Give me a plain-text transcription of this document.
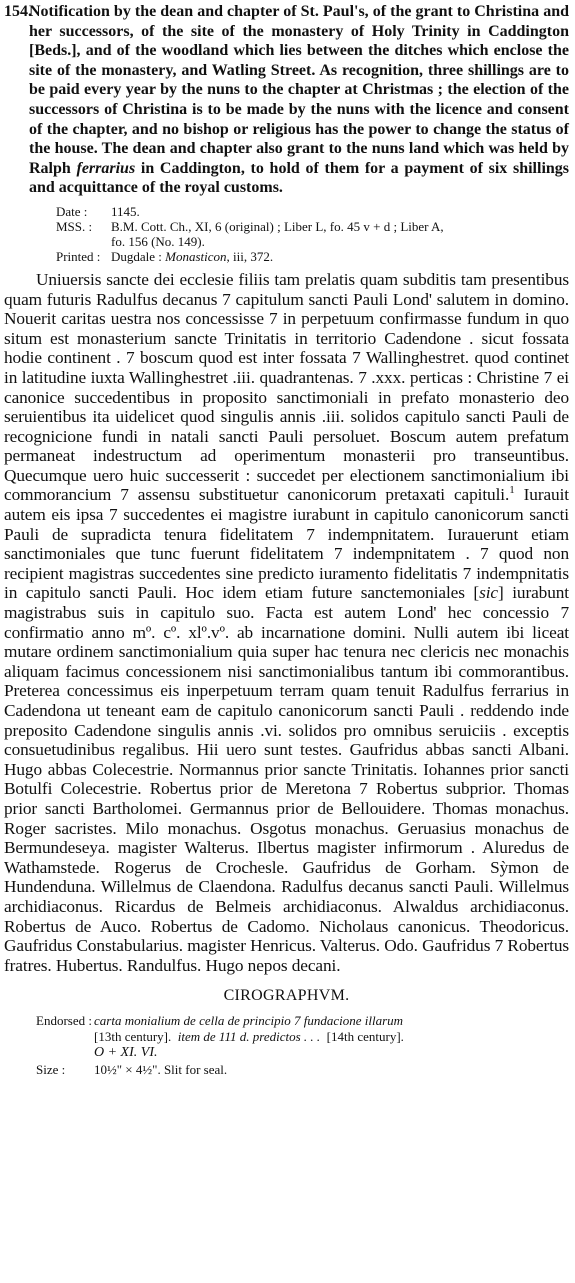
154.
Notification by the dean and chapter of St. Paul's, of the grant to Christina and her successors, of the site of the monastery of Holy Trinity in Caddington [Beds.], and of the woodland which lies between the ditches which enclose the site of the monastery, and Watling Street. As recognition, three shillings are to be paid every year by the nuns to the chapter at Christmas ; the election of the successors of Christina is to be made by the nuns with the licence and consent of the chapter, and no bishop or religious has the power to change the status of the house. The dean and chapter also grant to the nuns land which was held by Ralph ferrarius in Caddington, to hold of them for a payment of six shillings and acquittance of the royal customs.
Date :	1145.
MSS. :	B.M. Cott. Ch., XI, 6 (original) ; Liber L, fo. 45 v + d ; Liber A,
fo. 156 (No. 149).
Printed : Dugdale : Monasticon, iii, 372.
Uniuersis sancte dei ecclesie filiis tam prelatis quam subditis tam presentibus quam futuris Radulfus decanus 7 capitulum sancti Pauli Lond' salutem in domino. Nouerit caritas uestra nos concessisse 7 in perpetuum confirmasse fundum in quo situm est monasterium sancte Trinitatis in territorio Cadendone . sicut fossata hodie continent . 7 boscum quod est inter fossata 7 Wallinghestret. quod continet in latitudine iuxta Wallinghestret .iii. quadrantenas. 7 .xxx. perticas : Christine 7 ei canonice succedentibus in proposito sanctimoniali in prefato monasterio deo seruientibus ita uidelicet quod singulis annis .iii. solidos capitulo sancti Pauli de recognicione fundi in natali sancti Pauli persoluet. Boscum autem prefatum permaneat indestructum ad operimentum monasterii pro transeuntibus. Quecumque uero huic successerit : succedet per electionem sanctimonialium ibi commorancium 7 assensu substituetur canonicorum pretaxati capituli.$^1$ Iurauit autem eis ipsa 7 succedentes ei magistre iurabunt in capitulo canonicorum sancti Pauli de supradicta tenura fidelitatem 7 indempnitatem. Iurauerunt etiam sanctimoniales que tunc fuerunt fidelitatem 7 indempnitatem . 7 quod non recipient magistras succedentes sine predicto iuramento fidelitatis 7 indempnitatis in capitulo sancti Pauli. Hoc idem etiam future sanctemoniales [sic] iurabunt magistrabus suis in capitulo suo. Facta est autem Lond' hec concessio 7 confirmatio anno mº. cº. xlº.vº. ab incarnatione domini. Nulli autem ibi liceat mutare ordinem sanctimonialium quia super hac tenura nec clericis nec monachis aliquam facimus concessionem nisi sanctimonialibus tantum ibi commorantibus. Preterea concessimus eis inperpetuum terram quam tenuit Radulfus ferrarius in Cadendona ut teneant eam de capitulo canonicorum sancti Pauli . reddendo inde preposito Cadendone singulis annis .vi. solidos pro omnibus seruiciis . exceptis consuetudinibus regalibus. Hii uero sunt testes. Gaufridus abbas sancti Albani. Hugo abbas Colecestrie. Normannus prior sancte Trinitatis. Iohannes prior sancti Botulfi Colecestrie. Robertus prior de Meretona 7 Robertus subprior. Thomas prior sancti Bartholomei. Germannus prior de Bellouidere. Thomas monachus. Roger sacristes. Milo monachus. Osgotus monachus. Geruasius monachus de Bermundeseya. magister Walterus. Ilbertus magister infirmorum . Aluredus de Wathamstede. Rogerus de Crochesle. Gaufridus de Gorham. Sỳmon de Hundenduna. Willelmus de Claendona. Radulfus decanus sancti Pauli. Willelmus archidiaconus. Ricardus de Belmeis archidiaconus. Alwaldus archidiaconus. Robertus de Auco. Robertus de Cadomo. Nicholaus canonicus. Theodoricus. Gaufridus Constabularius. magister Henricus. Valterus. Odo. Gaufridus 7 Robertus fratres. Hubertus. Randulfus. Hugo nepos decani.
CIROGRAPHVM.
Endorsed : carta monialium de cella de principio 7 fundacione illarum
[13th century]. item de 111 d. predictos . . . [14th century].
O + XI. VI.
Size :	10½" × 4½". Slit for seal.
